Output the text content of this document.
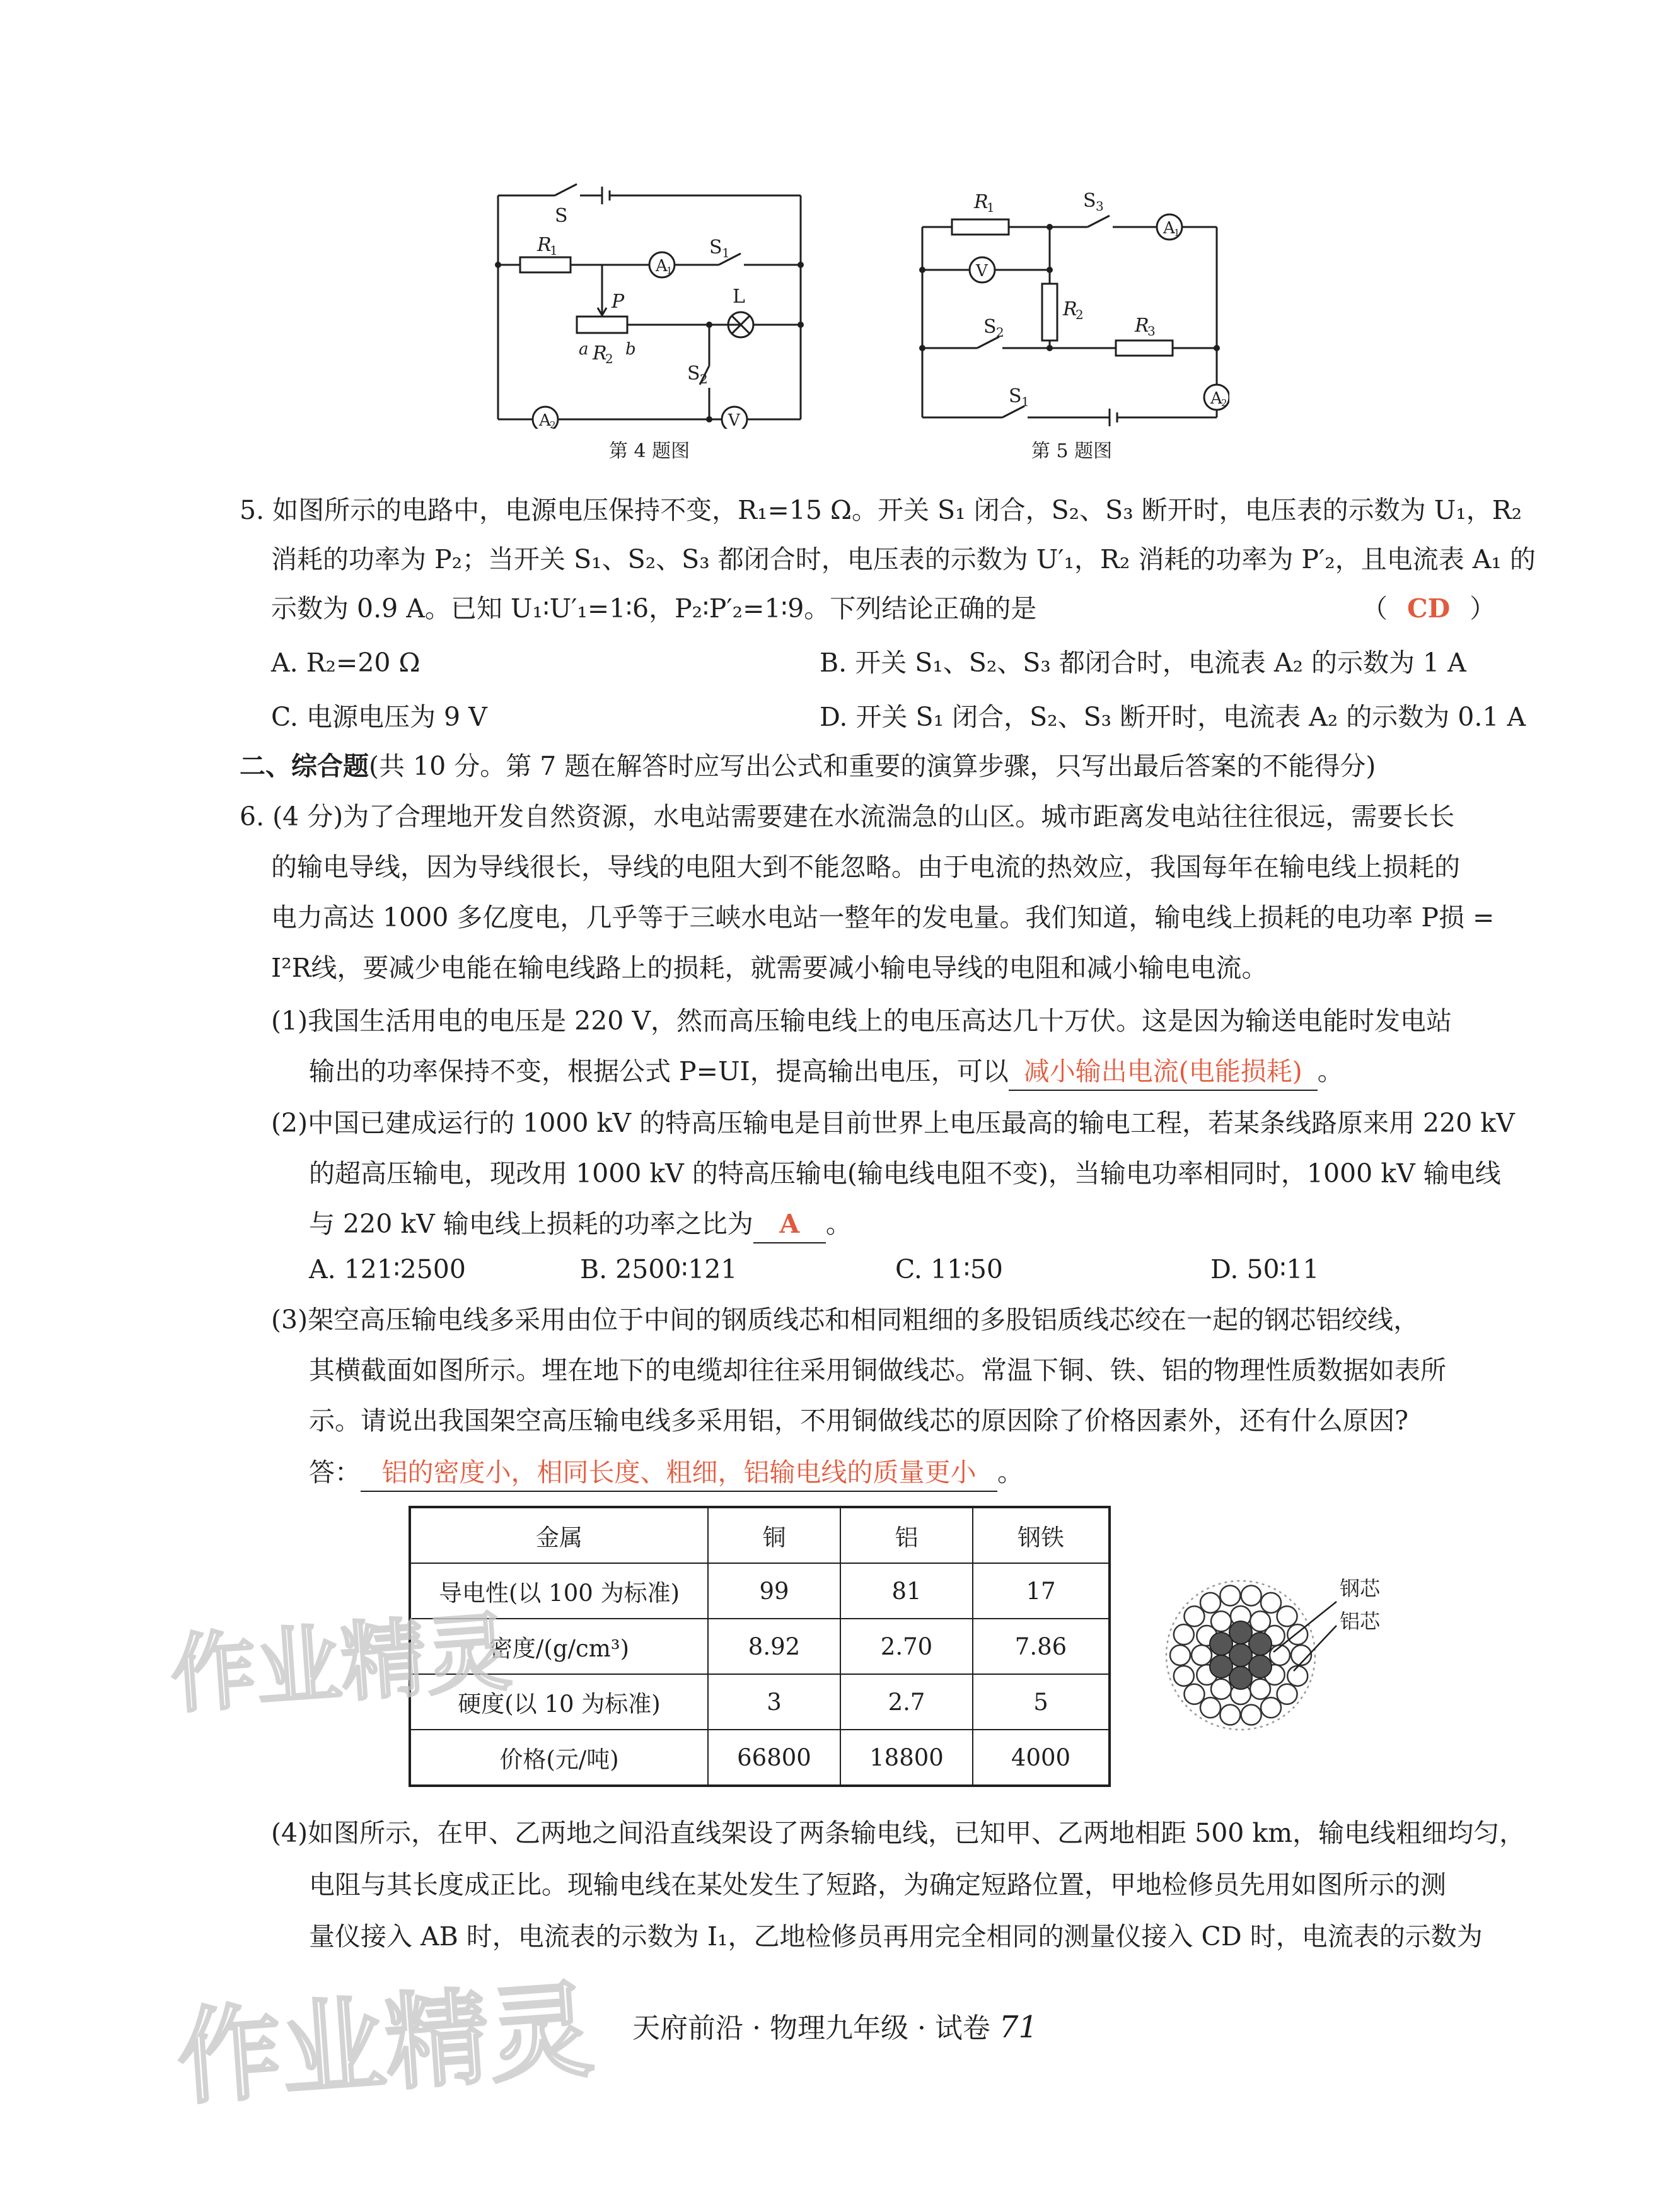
S
R
1
A
1
S 1
P	L
a R
2 b
S 2
A
2	V
第 4 题图
R
1	S 3
A
1
V
R
2
S 2	R
3
A
2
S 1
第 5 题图
5. 如图所示的电路中，电源电压保持不变，R₁=15 Ω。开关 S₁ 闭合，S₂、S₃ 断开时，电压表的示数为 U₁，R₂
消耗的功率为 P₂；当开关 S₁、S₂、S₃ 都闭合时，电压表的示数为 U′₁，R₂ 消耗的功率为 P′₂，且电流表 A₁ 的
示数为 0.9 A。已知 U₁∶U′₁=1∶6，P₂∶P′₂=1∶9。下列结论正确的是	（ CD ）
A. R₂=20 Ω	B. 开关 S₁、S₂、S₃ 都闭合时，电流表 A₂ 的示数为 1 A
C. 电源电压为 9 V	D. 开关 S₁ 闭合，S₂、S₃ 断开时，电流表 A₂ 的示数为 0.1 A
二、综合题(共 10 分。第 7 题在解答时应写出公式和重要的演算步骤，只写出最后答案的不能得分)
6. (4 分)为了合理地开发自然资源，水电站需要建在水流湍急的山区。城市距离发电站往往很远，需要长长
的输电导线，因为导线很长，导线的电阻大到不能忽略。由于电流的热效应，我国每年在输电线上损耗的
电力高达 1000 多亿度电，几乎等于三峡水电站一整年的发电量。我们知道，输电线上损耗的电功率 P损 =
I²R线，要减少电能在输电线路上的损耗，就需要减小输电导线的电阻和减小输电电流。
(1)我国生活用电的电压是 220 V，然而高压输电线上的电压高达几十万伏。这是因为输送电能时发电站
输出的功率保持不变，根据公式 P=UI，提高输出电压，可以 减小输出电流(电能损耗) 。
(2)中国已建成运行的 1000 kV 的特高压输电是目前世界上电压最高的输电工程，若某条线路原来用 220 kV
的超高压输电，现改用 1000 kV 的特高压输电(输电线电阻不变)，当输电功率相同时，1000 kV 输电线
与 220 kV 输电线上损耗的功率之比为 A 。
A. 121∶2500	B. 2500∶121	C. 11∶50	D. 50∶11
(3)架空高压输电线多采用由位于中间的钢质线芯和相同粗细的多股铝质线芯绞在一起的钢芯铝绞线，
其横截面如图所示。埋在地下的电缆却往往采用铜做线芯。常温下铜、铁、铝的物理性质数据如表所
示。请说出我国架空高压输电线多采用铝，不用铜做线芯的原因除了价格因素外，还有什么原因?
答： 铝的密度小，相同长度、粗细，铝输电线的质量更小 。
金属	铜	铝	钢铁
导电性(以 100 为标准)	99	81	17
密度/(g/cm³)	8.92	2.70	7.86
硬度(以 10 为标准)	3	2.7	5
价格(元/吨)	66800	18800	4000
钢芯
铝芯
(4)如图所示，在甲、乙两地之间沿直线架设了两条输电线，已知甲、乙两地相距 500 km，输电线粗细均匀，
电阻与其长度成正比。现输电线在某处发生了短路，为确定短路位置，甲地检修员先用如图所示的测
量仪接入 AB 时，电流表的示数为 I₁，乙地检修员再用完全相同的测量仪接入 CD 时，电流表的示数为
作业精灵
作业精灵	天府前沿 · 物理九年级 · 试卷 71
